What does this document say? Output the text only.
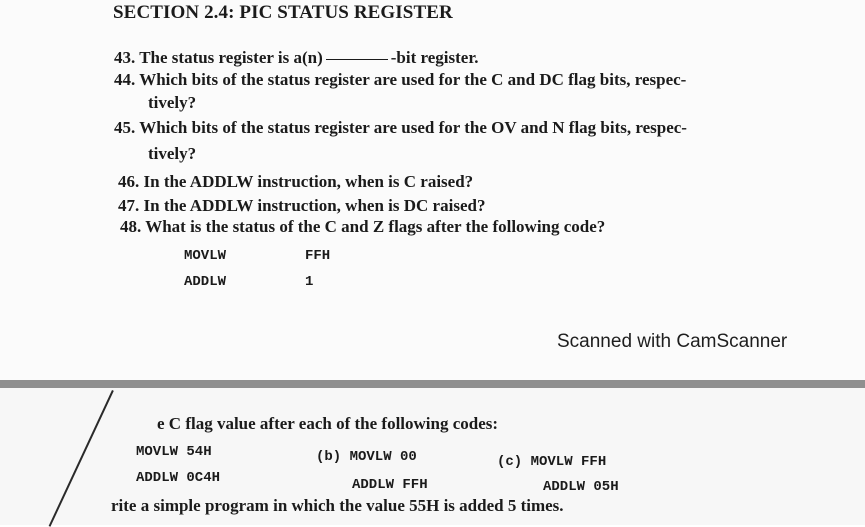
SECTION 2.4: PIC STATUS REGISTER
43. The status register is a(n)	-bit register.
44. Which bits of the status register are used for the C and DC flag bits, respec-
tively?
45. Which bits of the status register are used for the OV and N flag bits, respec-
tively?
46. In the ADDLW instruction, when is C raised?
47. In the ADDLW instruction, when is DC raised?
48. What is the status of the C and Z flags after the following code?
MOVLW	FFH
ADDLW	1
Scanned with CamScanner
e C flag value after each of the following codes:
MOVLW 54H	(b) MOVLW 00	(c) MOVLW FFH
ADDLW 0C4H	ADDLW FFH	ADDLW 05H
rite a simple program in which the value 55H is added 5 times.
